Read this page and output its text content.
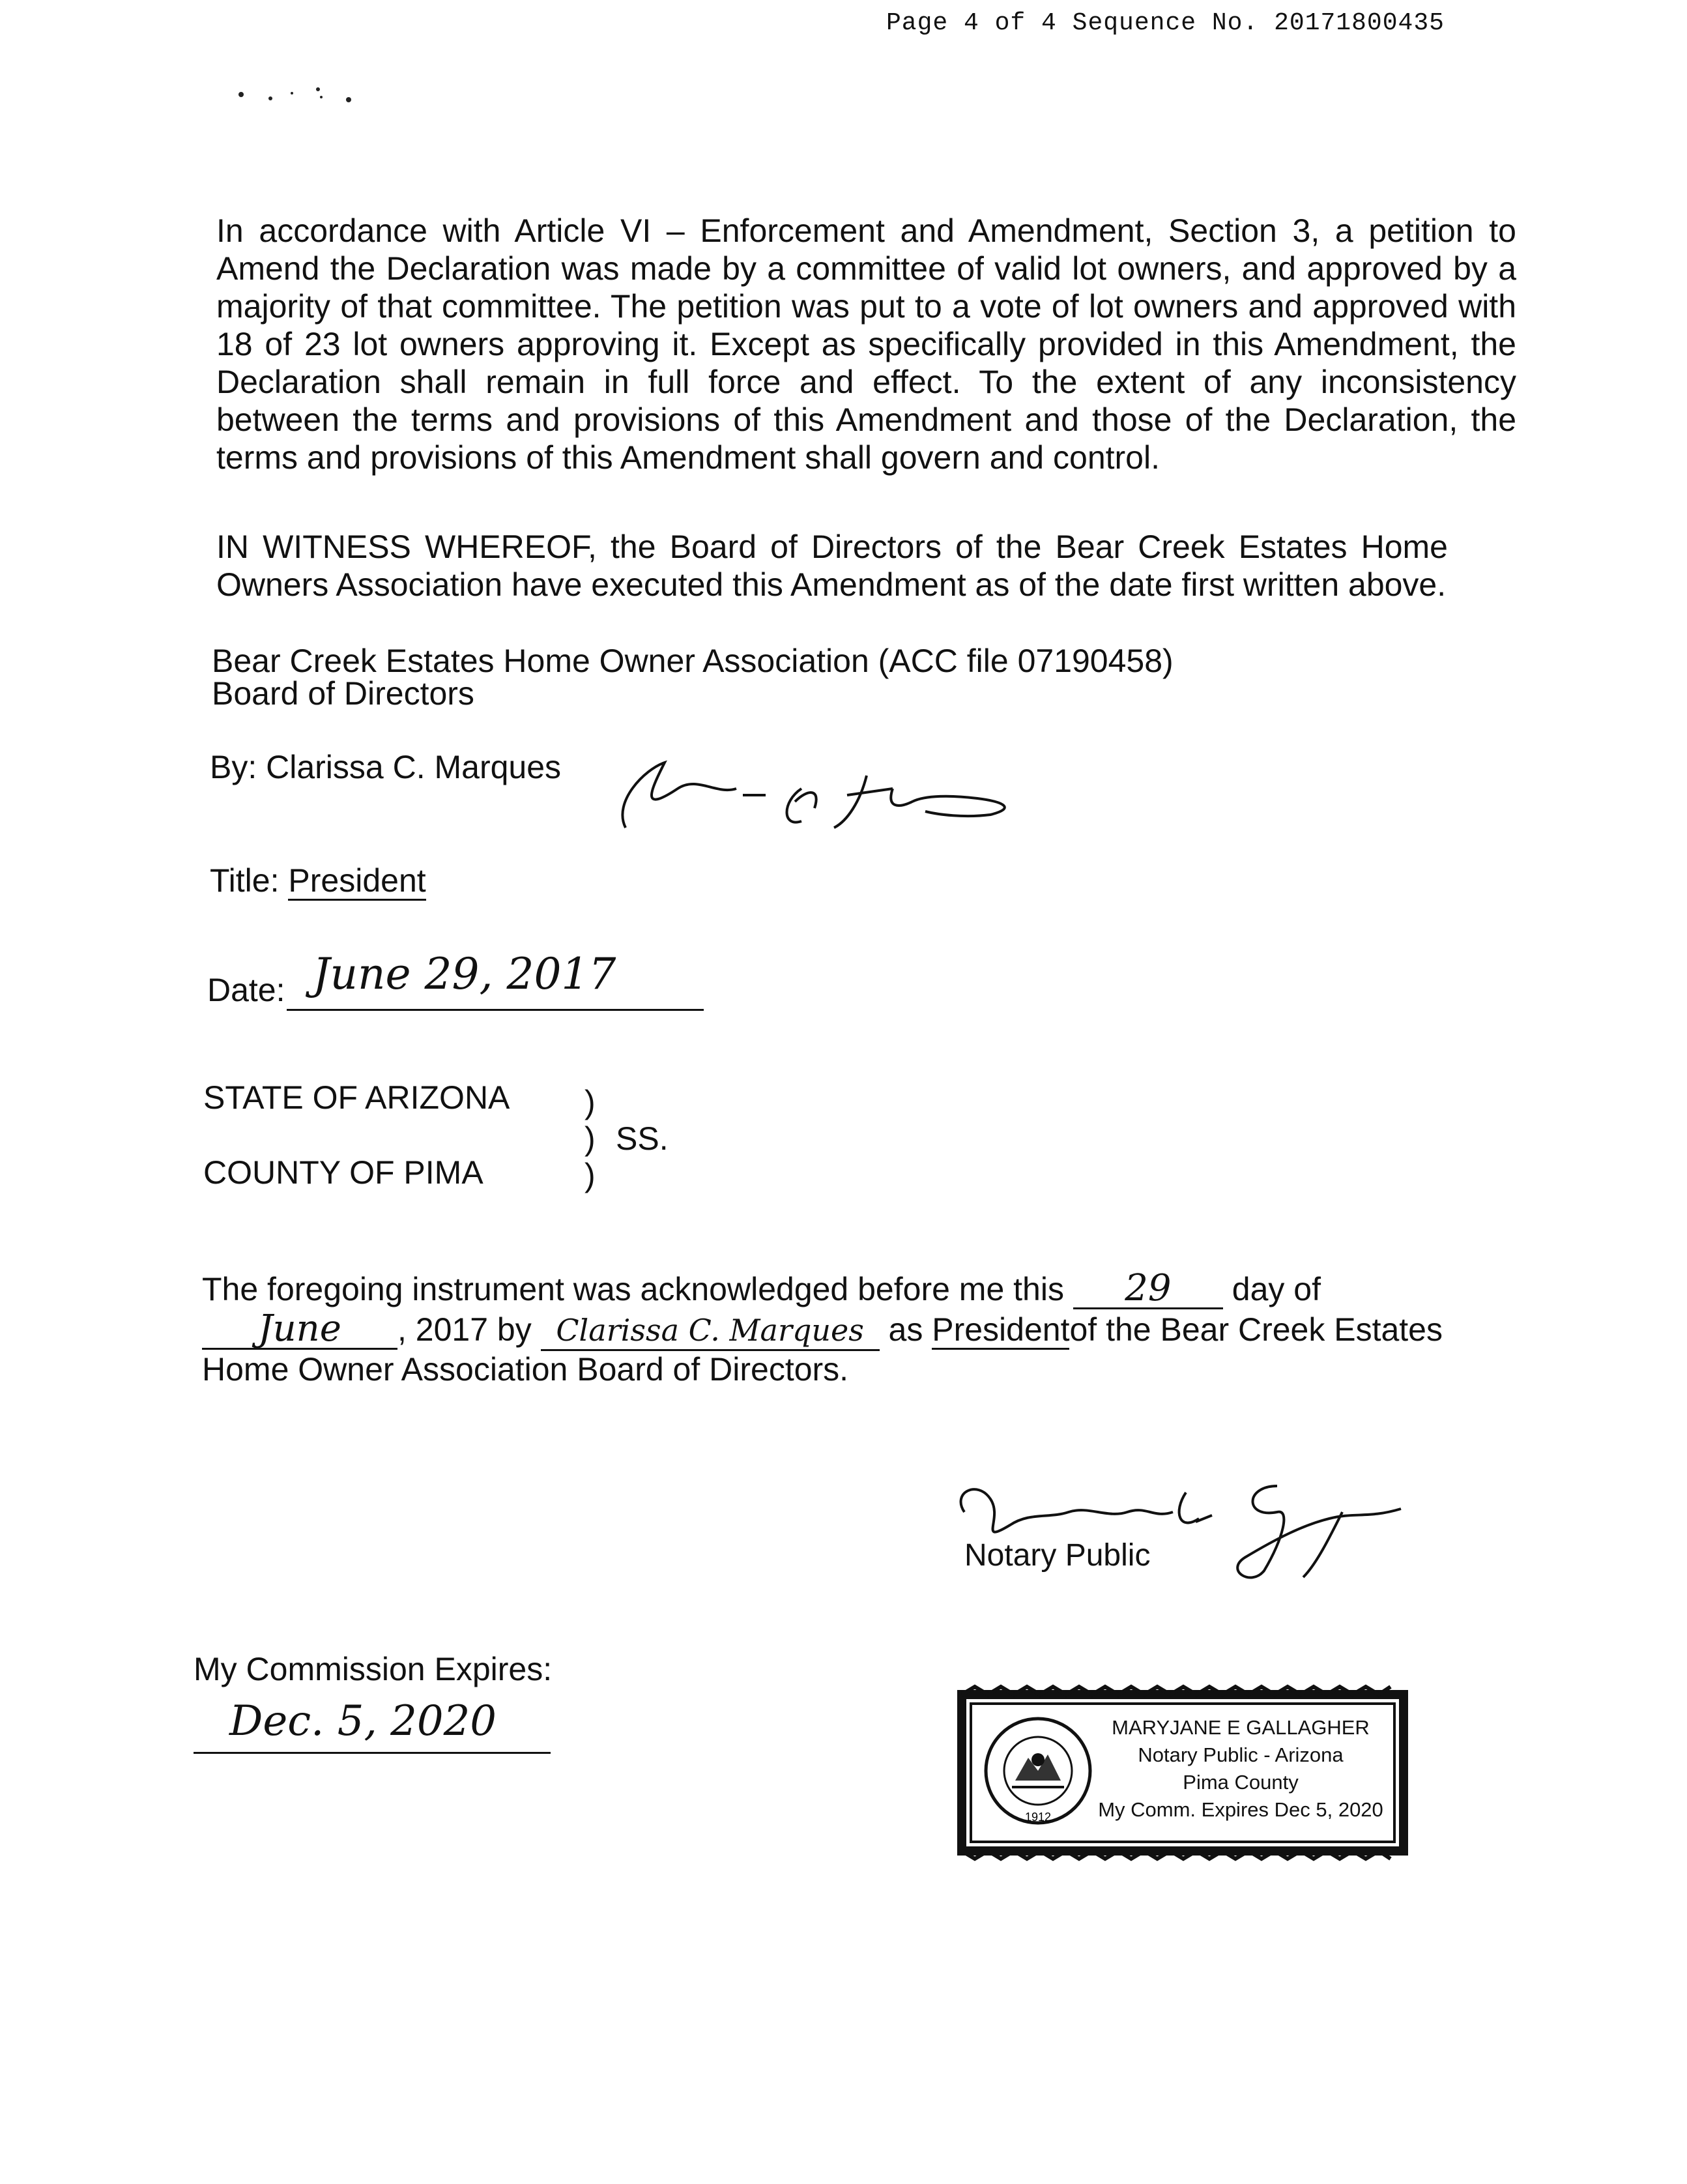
Page 4 of 4 Sequence No. 20171800435
In accordance with Article VI – Enforcement and Amendment, Section 3, a petition to Amend the Declaration was made by a committee of valid lot owners, and approved by a majority of that committee. The petition was put to a vote of lot owners and approved with 18 of 23 lot owners approving it. Except as specifically provided in this Amendment, the Declaration shall remain in full force and effect. To the extent of any inconsistency between the terms and provisions of this Amendment and those of the Declaration, the terms and provisions of this Amendment shall govern and control.
IN WITNESS WHEREOF, the Board of Directors of the Bear Creek Estates Home Owners Association have executed this Amendment as of the date first written above.
Bear Creek Estates Home Owner Association (ACC file 07190458)
Board of Directors
By: Clarissa C. Marques
Title: President
Date: June 29, 2017
STATE OF ARIZONA
COUNTY OF PIMA
)
)
)
SS.
The foregoing instrument was acknowledged before me this 29 day of
June , 2017 by Clarissa C. Marques as Presidentof the Bear Creek Estates
Home Owner Association Board of Directors.
Notary Public
My Commission Expires:
Dec. 5, 2020
1912
MARYJANE E GALLAGHER
Notary Public - Arizona
Pima County
My Comm. Expires Dec 5, 2020
